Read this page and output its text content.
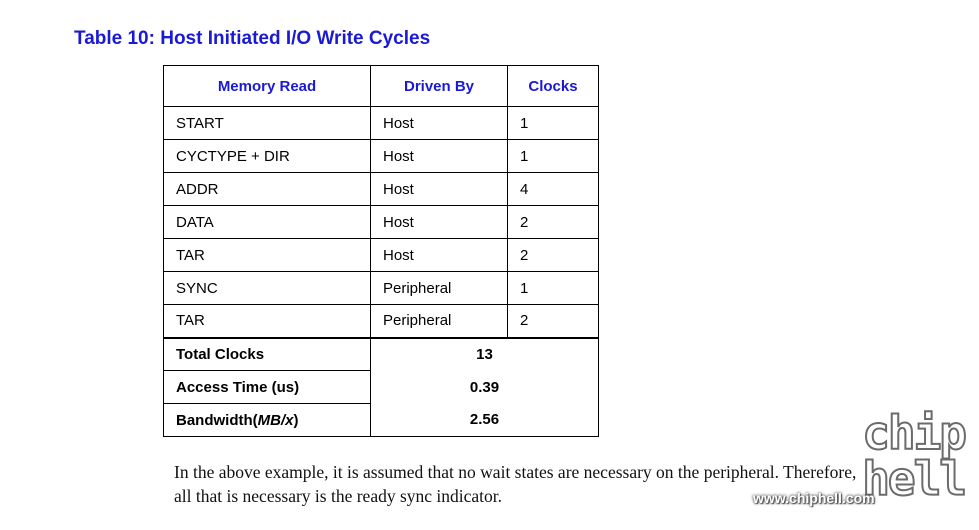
Table 10: Host Initiated I/O Write Cycles
Memory Read	Driven By	Clocks
START	Host	1
CYCTYPE + DIR	Host	1
ADDR	Host	4
DATA	Host	2
TAR	Host	2
SYNC	Peripheral	1
TAR	Peripheral	2
Total Clocks	13	
Access Time (us)	0.39	
Bandwidth(MB/x)	2.56	
In the above example, it is assumed that no wait states are necessary on the peripheral. Therefore,
all that is necessary is the ready sync indicator.
chip
hell
www.chiphell.com
